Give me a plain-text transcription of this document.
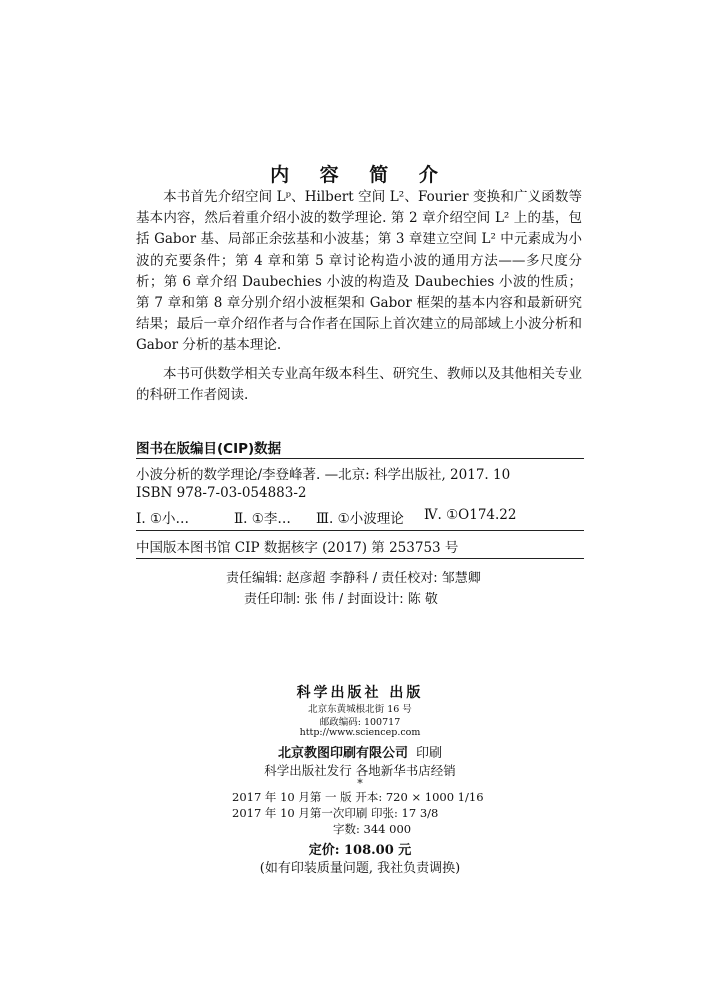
内 容 简 介

本书首先介绍空间 Lᵖ、Hilbert 空间 L²、Fourier 变换和广义函数等基本内容，然后着重介绍小波的数学理论. 第 2 章介绍空间 L² 上的基，包括 Gabor 基、局部正余弦基和小波基；第 3 章建立空间 L² 中元素成为小波的充要条件；第 4 章和第 5 章讨论构造小波的通用方法——多尺度分析；第 6 章介绍 Daubechies 小波的构造及 Daubechies 小波的性质；第 7 章和第 8 章分别介绍小波框架和 Gabor 框架的基本内容和最新研究结果；最后一章介绍作者与合作者在国际上首次建立的局部域上小波分析和 Gabor 分析的基本理论.

本书可供数学相关专业高年级本科生、研究生、教师以及其他相关专业的科研工作者阅读.

图书在版编目(CIP)数据
小波分析的数学理论/李登峰著. —北京: 科学出版社, 2017. 10
ISBN 978-7-03-054883-2
Ⅰ. ①小…	Ⅱ. ①李… Ⅲ. ①小波理论 Ⅳ. ①O174.22
中国版本图书馆 CIP 数据核字 (2017) 第 253753 号
责任编辑: 赵彦超 李静科 / 责任校对: 邹慧卿
责任印制: 张 伟 / 封面设计: 陈 敬
科学出版社 出版
北京东黄城根北街 16 号
邮政编码: 100717
http://www.sciencep.com
北京教图印刷有限公司 印刷
科学出版社发行 各地新华书店经销
*
2017 年 10 月第 一 版 开本: 720 × 1000 1/16
2017 年 10 月第一次印刷 印张: 17 3/8
字数: 344 000
定价: 108.00 元
(如有印装质量问题, 我社负责调换)
